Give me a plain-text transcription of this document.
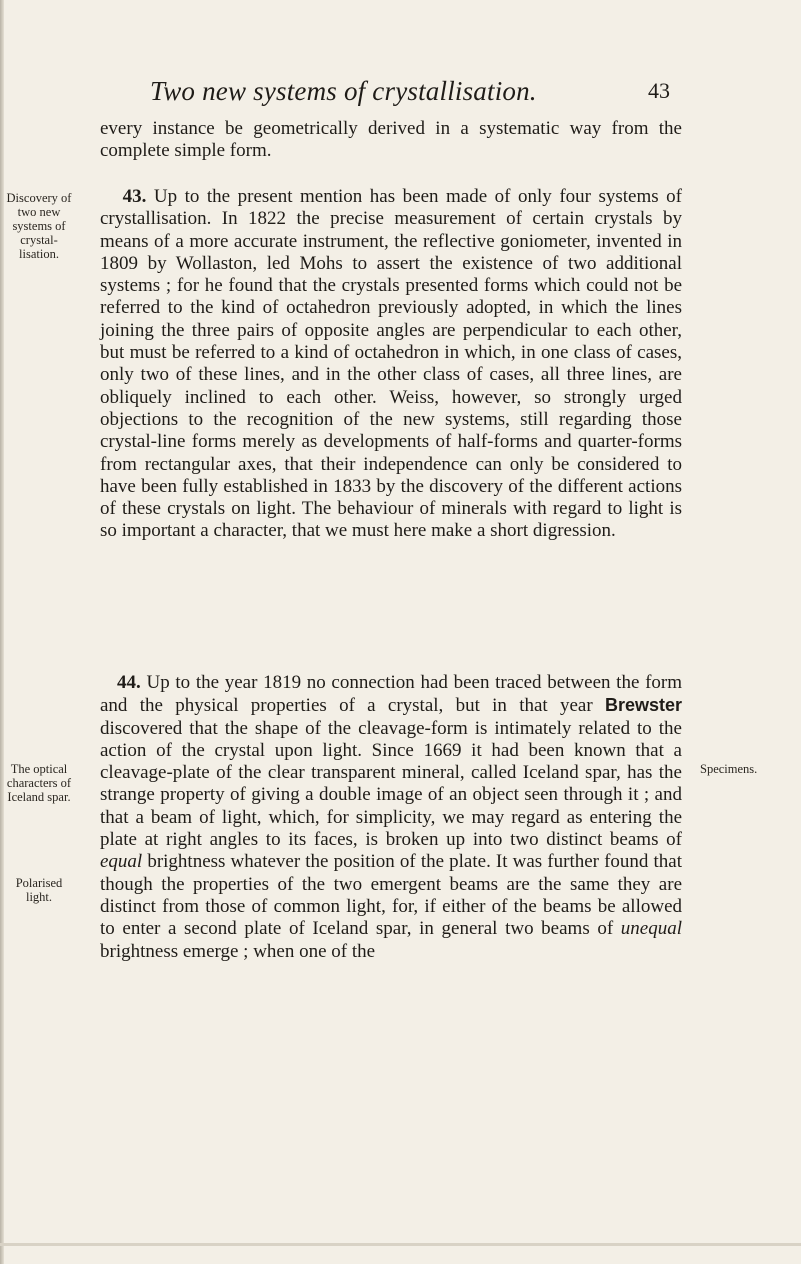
Two new systems of crystallisation.	43

every instance be geometrically derived in a systematic way from the complete simple form.

43. Up to the present mention has been made of only four systems of crystallisation. In 1822 the precise measurement of certain crystals by means of a more accurate instrument, the reflective goniometer, invented in 1809 by Wollaston, led Mohs to assert the existence of two additional systems ; for he found that the crystals presented forms which could not be referred to the kind of octahedron previously adopted, in which the lines joining the three pairs of opposite angles are perpendicular to each other, but must be referred to a kind of octahedron in which, in one class of cases, only two of these lines, and in the other class of cases, all three lines, are obliquely inclined to each other. Weiss, however, so strongly urged objections to the recognition of the new systems, still regarding those crystal-line forms merely as developments of half-forms and quarter-forms from rectangular axes, that their independence can only be considered to have been fully established in 1833 by the discovery of the different actions of these crystals on light. The behaviour of minerals with regard to light is so important a character, that we must here make a short digression.

44. Up to the year 1819 no connection had been traced between the form and the physical properties of a crystal, but in that year Brewster discovered that the shape of the cleavage-form is intimately related to the action of the crystal upon light. Since 1669 it had been known that a cleavage-plate of the clear transparent mineral, called Iceland spar, has the strange property of giving a double image of an object seen through it ; and that a beam of light, which, for simplicity, we may regard as entering the plate at right angles to its faces, is broken up into two distinct beams of equal brightness whatever the position of the plate. It was further found that though the properties of the two emergent beams are the same they are distinct from those of common light, for, if either of the beams be allowed to enter a second plate of Iceland spar, in general two beams of unequal brightness emerge ; when one of the

Discovery of two new systems of crystal-lisation.
The optical characters of Iceland spar.
Polarised light.
Specimens.
